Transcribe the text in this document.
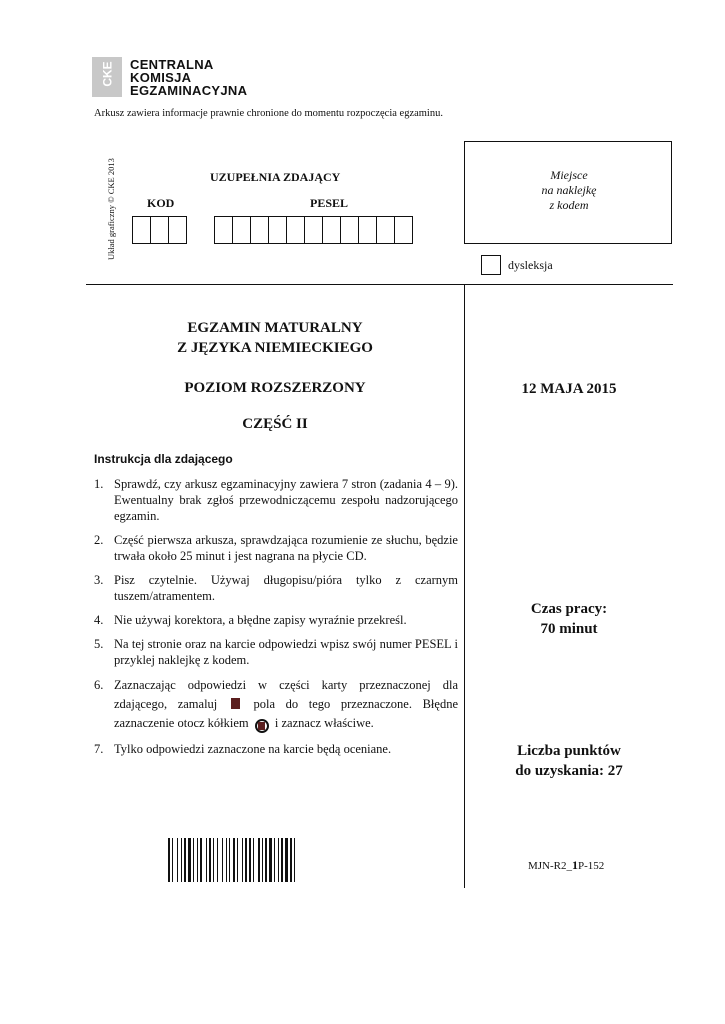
CKE CENTRALNA
KOMISJA
EGZAMINACYJNA
Arkusz zawiera informacje prawnie chronione do momentu rozpoczęcia egzaminu.
Układ graficzny © CKE 2013	UZUPEŁNIA ZDAJĄCY
KOD	PESEL
Miejsce
na naklejkę
z kodem
dysleksja
EGZAMIN MATURALNY
Z JĘZYKA NIEMIECKIEGO
POZIOM ROZSZERZONY
CZĘŚĆ II
12 MAJA 2015
Czas pracy:
70 minut
Liczba punktów
do uzyskania: 27
MJN-R2_1P-152
Instrukcja dla zdającego
1. Sprawdź, czy arkusz egzaminacyjny zawiera 7 stron (zadania 4 – 9). Ewentualny brak zgłoś przewodniczącemu zespołu nadzorującego egzamin.
2. Część pierwsza arkusza, sprawdzająca rozumienie ze słuchu, będzie trwała około 25 minut i jest nagrana na płycie CD.
3. Pisz czytelnie. Używaj długopisu/pióra tylko z czarnym tuszem/atramentem.
4. Nie używaj korektora, a błędne zapisy wyraźnie przekreśl.
5. Na tej stronie oraz na karcie odpowiedzi wpisz swój numer PESEL i przyklej naklejkę z kodem.
6. Zaznaczając odpowiedzi w części karty przeznaczonej dla zdającego, zamaluj	pola do tego przeznaczone. Błędne zaznaczenie otocz kółkiem i zaznacz właściwe.
7. Tylko odpowiedzi zaznaczone na karcie będą oceniane.
